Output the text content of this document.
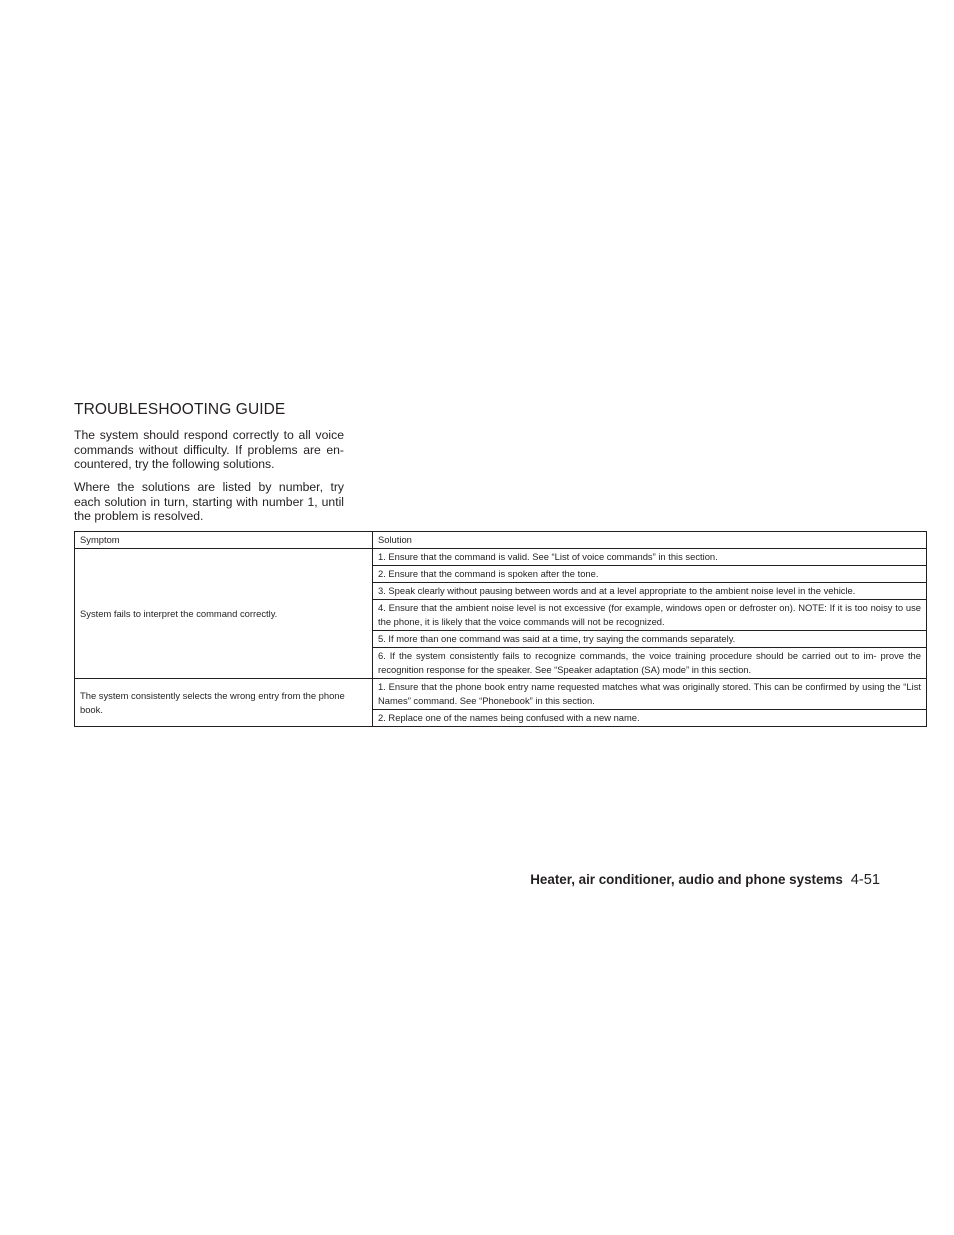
TROUBLESHOOTING GUIDE

The system should respond correctly to all voice commands without difficulty. If problems are en- countered, try the following solutions.

Where the solutions are listed by number, try each solution in turn, starting with number 1, until the problem is resolved.

Symptom	Solution
System fails to interpret the command correctly.	1. Ensure that the command is valid. See “List of voice commands” in this section.
	2. Ensure that the command is spoken after the tone.
	3. Speak clearly without pausing between words and at a level appropriate to the ambient noise level in the vehicle.
	4. Ensure that the ambient noise level is not excessive (for example, windows open or defroster on). NOTE: If it is too noisy to use the phone, it is likely that the voice commands will not be recognized.
	5. If more than one command was said at a time, try saying the commands separately.
	6. If the system consistently fails to recognize commands, the voice training procedure should be carried out to im- prove the recognition response for the speaker. See “Speaker adaptation (SA) mode” in this section.
The system consistently selects the wrong entry from the phone book.	1. Ensure that the phone book entry name requested matches what was originally stored. This can be confirmed by using the “List Names” command. See “Phonebook” in this section.
	2. Replace one of the names being confused with a new name.
Heater, air conditioner, audio and phone systems 4-51
